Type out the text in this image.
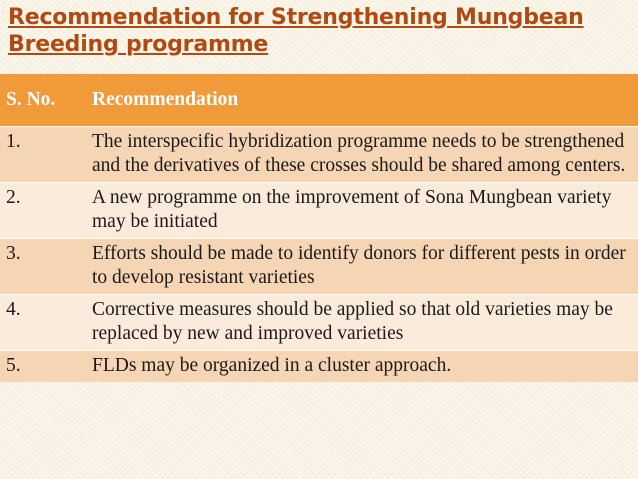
Recommendation for Strengthening Mungbean
Breeding programme
S. No.	Recommendation
1.	The interspecific hybridization programme needs to be strengthened and the derivatives of these crosses should be shared among centers.
2.	A new programme on the improvement of Sona Mungbean variety may be initiated
3.	Efforts should be made to identify donors for different pests in order to develop resistant varieties
4.	Corrective measures should be applied so that old varieties may be replaced by new and improved varieties
5.	FLDs may be organized in a cluster approach.
